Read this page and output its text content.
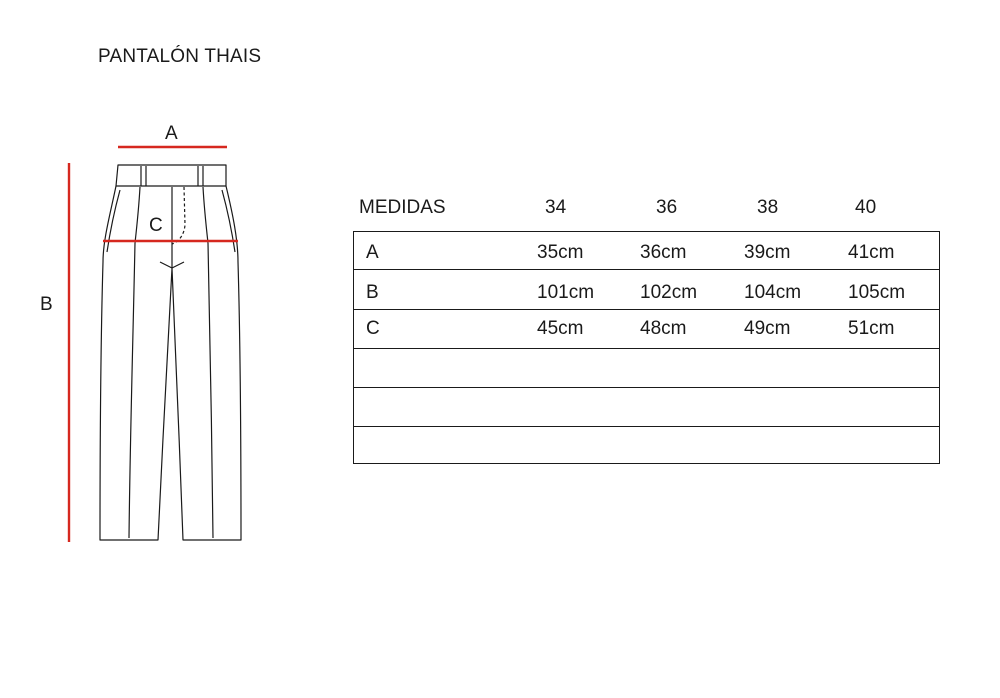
PANTALÓN THAIS
A
B
C
MEDIDAS	34	36	38	40
A	35cm	36cm	39cm	41cm
B	101cm 102cm 104cm 105cm
C	45cm	48cm	49cm	51cm
